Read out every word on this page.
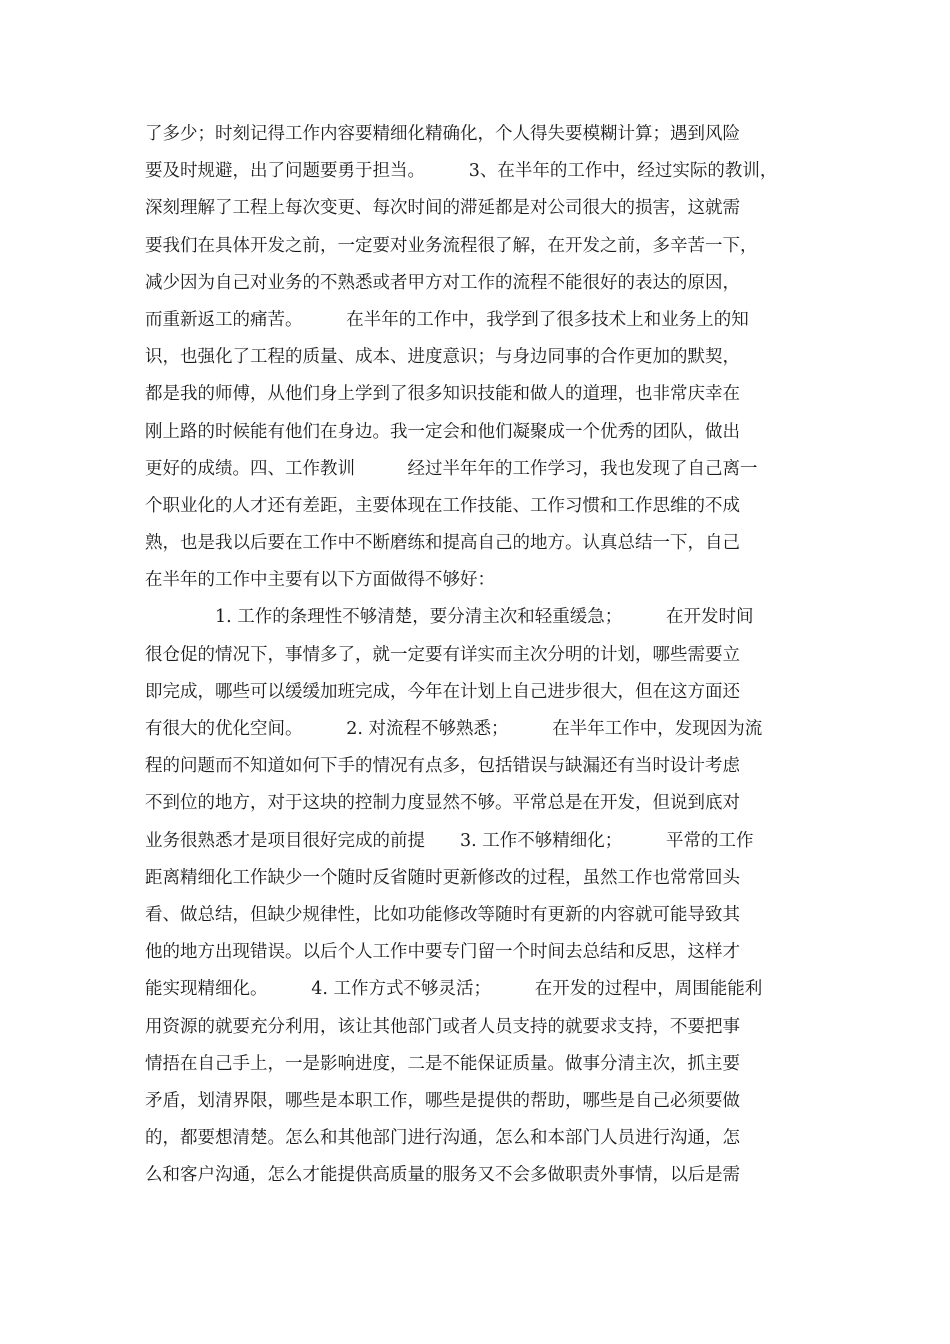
了多少；时刻记得工作内容要精细化精确化，个人得失要模糊计算；遇到风险
要及时规避，出了问题要勇于担当。　　　3、在半年的工作中，经过实际的教训，
深刻理解了工程上每次变更、每次时间的滞延都是对公司很大的损害，这就需
要我们在具体开发之前，一定要对业务流程很了解，在开发之前，多辛苦一下，
减少因为自己对业务的不熟悉或者甲方对工作的流程不能很好的表达的原因，
而重新返工的痛苦。　　　在半年的工作中，我学到了很多技术上和业务上的知
识，也强化了工程的质量、成本、进度意识；与身边同事的合作更加的默契，
都是我的师傅，从他们身上学到了很多知识技能和做人的道理，也非常庆幸在
刚上路的时候能有他们在身边。我一定会和他们凝聚成一个优秀的团队，做出
更好的成绩。四、工作教训　　　经过半年年的工作学习，我也发现了自己离一
个职业化的人才还有差距，主要体现在工作技能、工作习惯和工作思维的不成
熟，也是我以后要在工作中不断磨练和提高自己的地方。认真总结一下，自己
在半年的工作中主要有以下方面做得不够好：
　　　　1. 工作的条理性不够清楚，要分清主次和轻重缓急；　　　在开发时间
很仓促的情况下，事情多了，就一定要有详实而主次分明的计划，哪些需要立
即完成，哪些可以缓缓加班完成，今年在计划上自己进步很大，但在这方面还
有很大的优化空间。　　　2. 对流程不够熟悉；　　　在半年工作中，发现因为流
程的问题而不知道如何下手的情况有点多，包括错误与缺漏还有当时设计考虑
不到位的地方，对于这块的控制力度显然不够。平常总是在开发，但说到底对
业务很熟悉才是项目很好完成的前提　　3. 工作不够精细化；　　　平常的工作
距离精细化工作缺少一个随时反省随时更新修改的过程，虽然工作也常常回头
看、做总结，但缺少规律性，比如功能修改等随时有更新的内容就可能导致其
他的地方出现错误。以后个人工作中要专门留一个时间去总结和反思，这样才
能实现精细化。　　　4. 工作方式不够灵活；　　　在开发的过程中，周围能能利
用资源的就要充分利用，该让其他部门或者人员支持的就要求支持，不要把事
情捂在自己手上，一是影响进度，二是不能保证质量。做事分清主次，抓主要
矛盾，划清界限，哪些是本职工作，哪些是提供的帮助，哪些是自己必须要做
的，都要想清楚。怎么和其他部门进行沟通，怎么和本部门人员进行沟通，怎
么和客户沟通，怎么才能提供高质量的服务又不会多做职责外事情，以后是需
